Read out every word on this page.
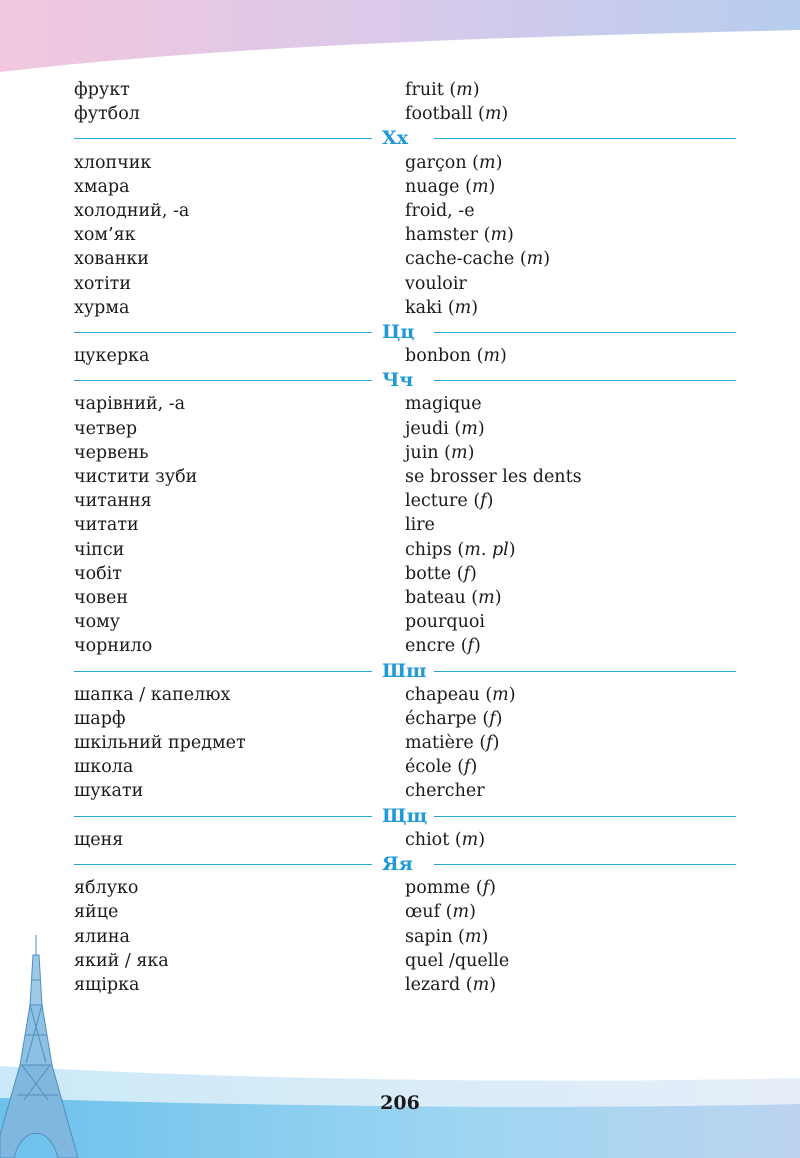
фрукт	fruit (m)
футбол	football (m)
Хх
хлопчик	garçon (m)
хмара	nuage (m)
холодний, -а	froid, -e
хом’як	hamster (m)
хованки	cache-cache (m)
хотіти	vouloir
хурма	kaki (m)
Цц
цукерка	bonbon (m)
Чч
чарівний, -а	magique
четвер	jeudi (m)
червень	juin (m)
чистити зуби	se brosser les dents
читання	lecture (f)
читати	lire
чіпси	chips (m. pl)
чобіт	botte (f)
човен	bateau (m)
чому	pourquoi
чорнило	encre (f)
Шш
шапка / капелюх	chapeau (m)
шарф	écharpe (f)
шкільний предмет	matière (f)
школа	école (f)
шукати	chercher
Щщ
щеня	chiot (m)
Яя
яблуко	pomme (f)
яйце	œuf (m)
ялина	sapin (m)
який / яка	quel /quelle
ящірка	lezard (m)
206
